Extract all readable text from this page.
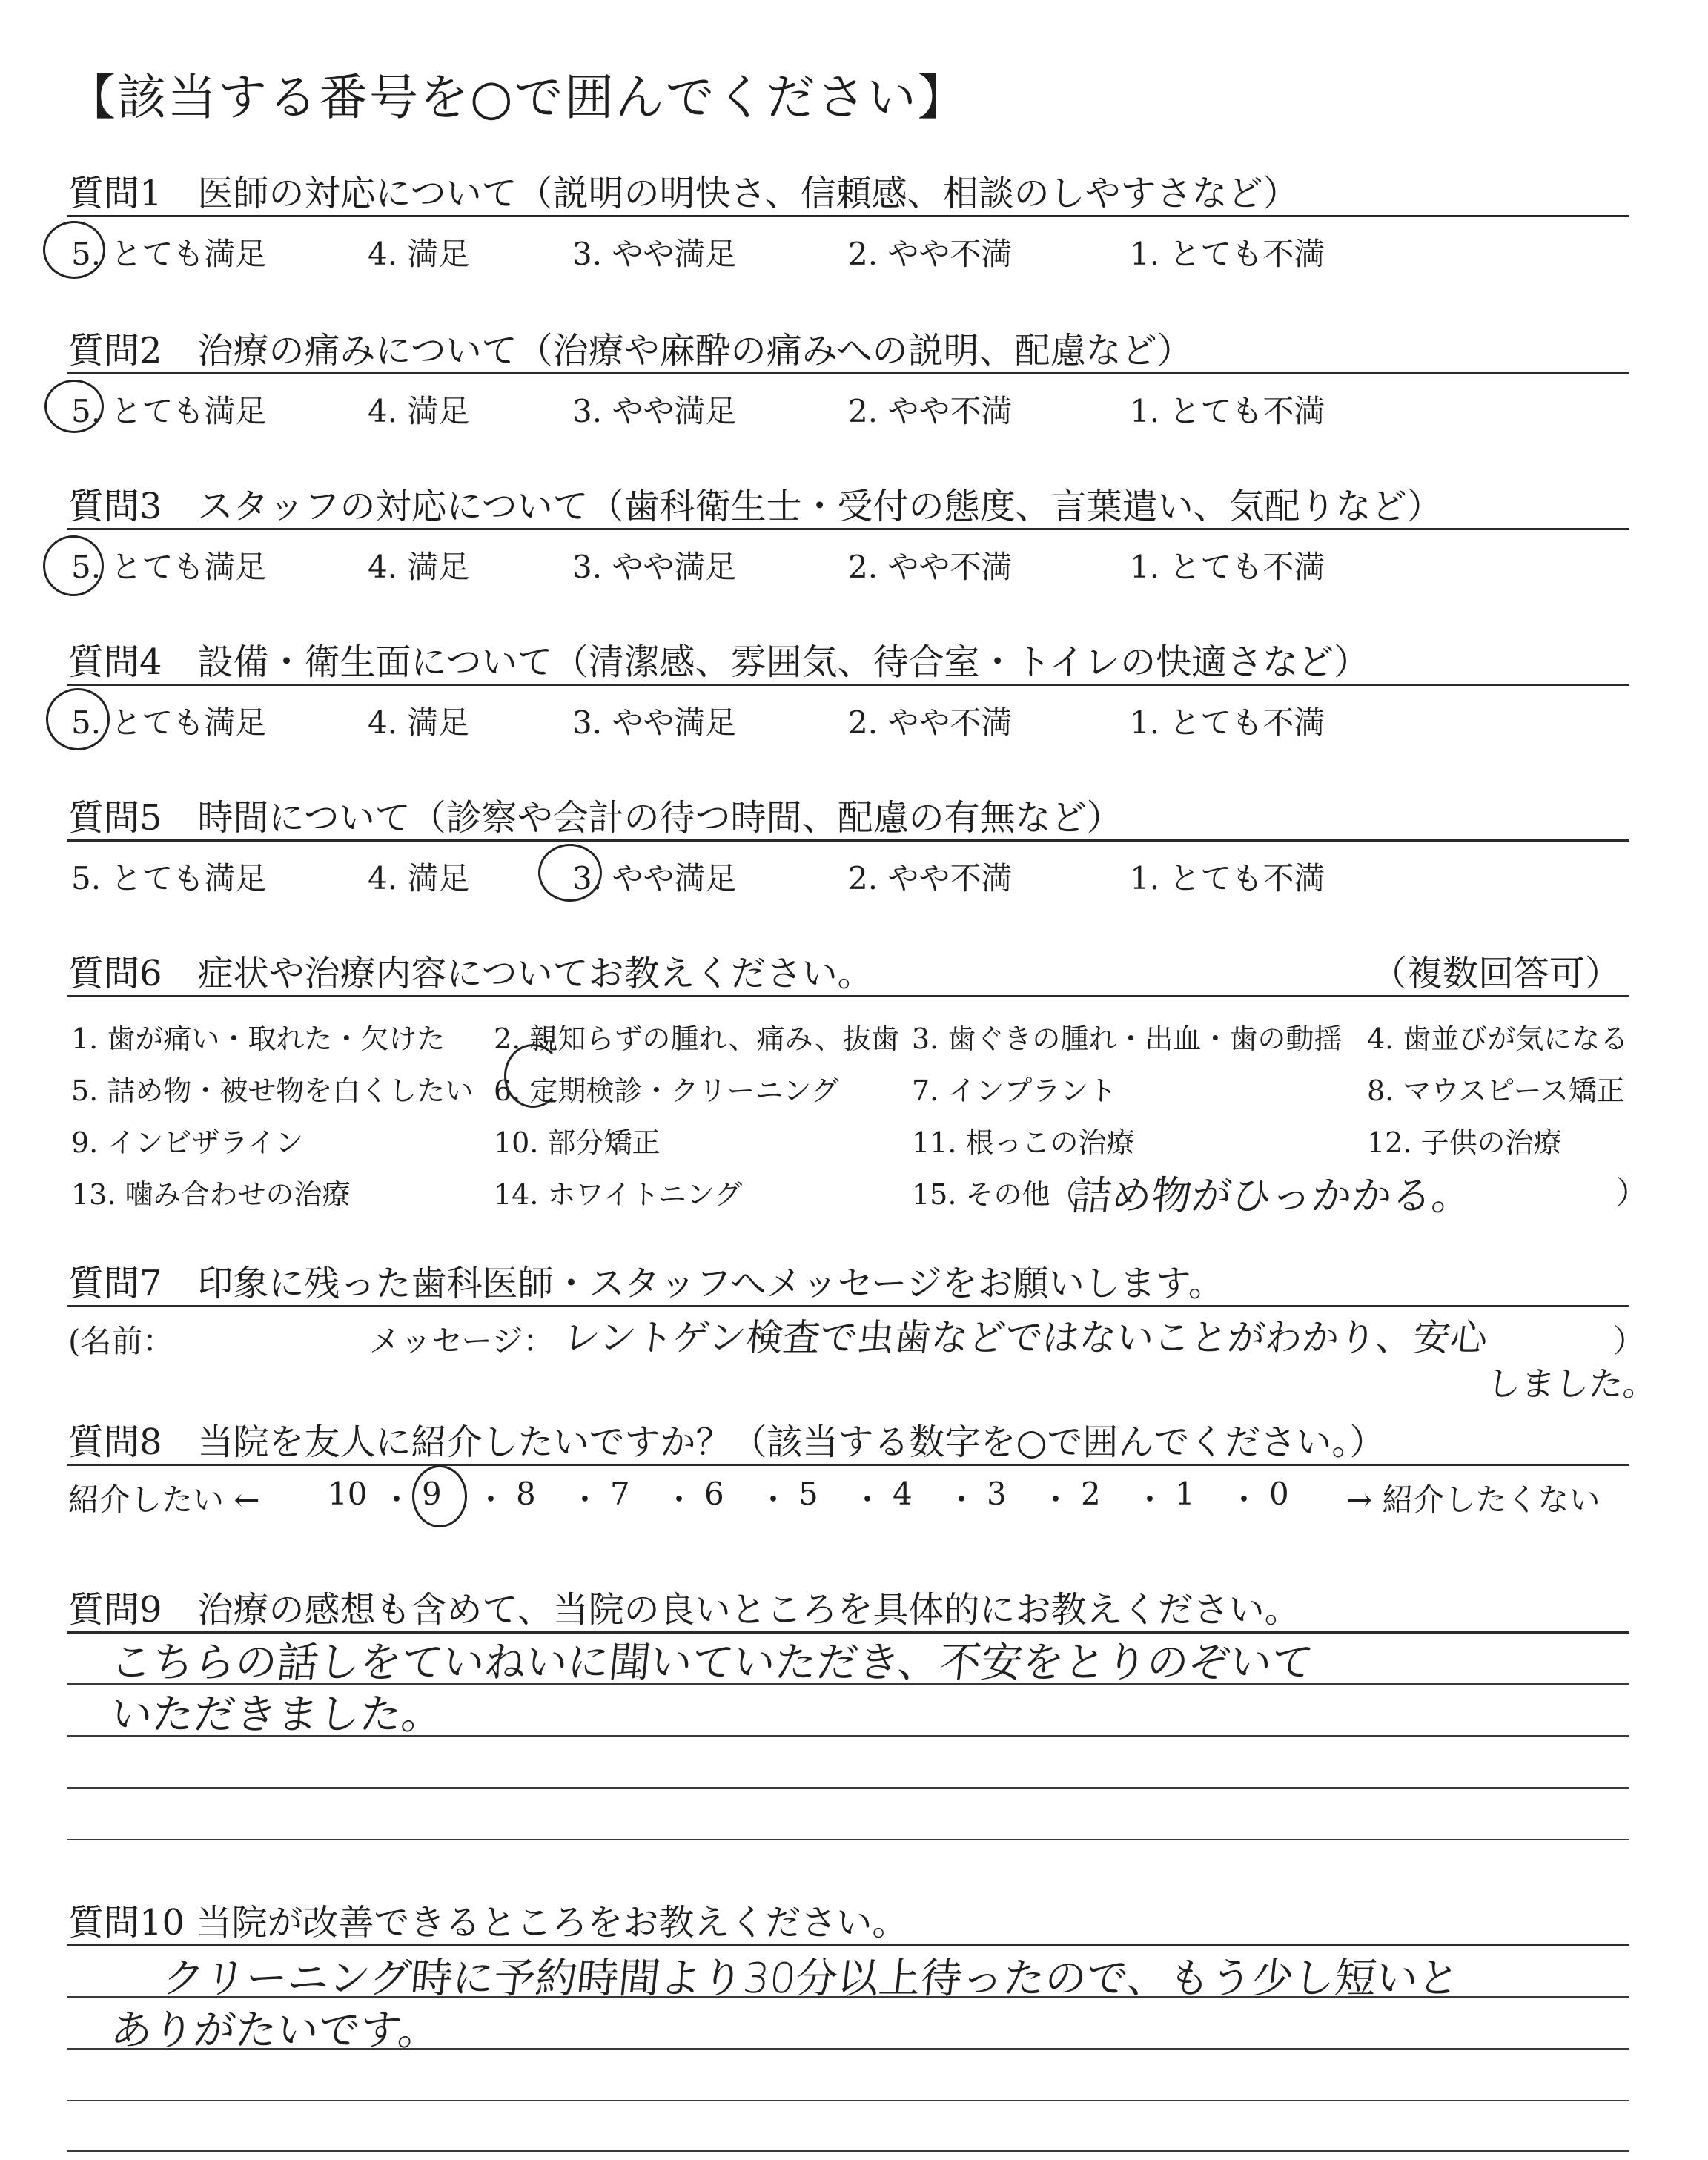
【該当する番号を○で囲んでください】
質問1　医師の対応について（説明の明快さ、信頼感、相談のしやすさなど）
5. とても満足	4. 満足	3. やや満足	2. やや不満	1. とても不満
質問2　治療の痛みについて（治療や麻酔の痛みへの説明、配慮など）
5. とても満足	4. 満足	3. やや満足	2. やや不満	1. とても不満
質問3　スタッフの対応について（歯科衛生士・受付の態度、言葉遣い、気配りなど）
5. とても満足	4. 満足	3. やや満足	2. やや不満	1. とても不満
質問4　設備・衛生面について（清潔感、雰囲気、待合室・トイレの快適さなど）
5. とても満足	4. 満足	3. やや満足	2. やや不満	1. とても不満
質問5　時間について（診察や会計の待つ時間、配慮の有無など）
5. とても満足	4. 満足	3. やや満足	2. やや不満	1. とても不満
質問6　症状や治療内容についてお教えください。	（複数回答可）
1. 歯が痛い・取れた・欠けた 2. 親知らずの腫れ、痛み、抜歯 3. 歯ぐきの腫れ・出血・歯の動揺 4. 歯並びが気になる
5. 詰め物・被せ物を白くしたい 6. 定期検診・クリーニング	7. インプラント	8. マウスピース矯正
9. インビザライン	10. 部分矯正	11. 根っこの治療	12. 子供の治療
13. 噛み合わせの治療	14. ホワイトニング	15. その他（
詰め物がひっかかる。	）
質問7　印象に残った歯科医師・スタッフへメッセージをお願いします。
(名前：	メッセージ： レントゲン検査で虫歯などではないことがわかり、安心	）
しました。
質問8　当院を友人に紹介したいですか？（該当する数字を○で囲んでください。）
紹介したい ←	→ 紹介したくない
10 ・ 9 ・ 8 ・ 7 ・ 6 ・ 5 ・ 4 ・ 3 ・ 2 ・ 1 ・ 0
質問9　治療の感想も含めて、当院の良いところを具体的にお教えください。
こちらの話しをていねいに聞いていただき、不安をとりのぞいて
いただきました。
質問10 当院が改善できるところをお教えください。
クリーニング時に予約時間より30分以上待ったので、もう少し短いと
ありがたいです。
